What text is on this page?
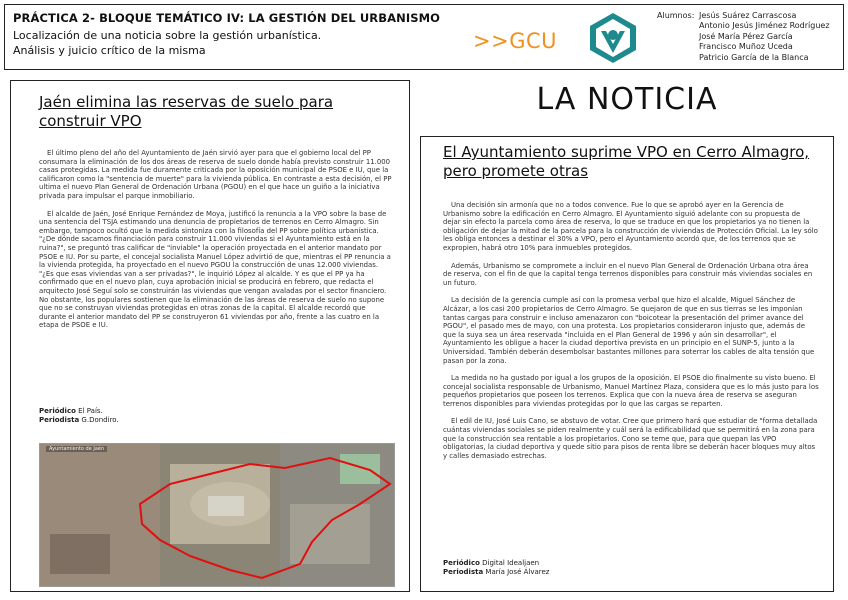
PRÁCTICA 2- BLOQUE TEMÁTICO IV: LA GESTIÓN DEL URBANISMO
Localización de una noticia sobre la gestión urbanística.
Análisis y juicio crítico de la misma	>>GCU
Alumnos: Jesús Suárez Carrascosa
Antonio Jesús Jiménez Rodríguez
José María Pérez García
Francisco Muñoz Uceda
Patricio García de la Blanca
Jaén elimina las reservas de suelo para construir VPO

El último pleno del año del Ayuntamiento de Jaén sirvió ayer para que el gobierno local del PP consumara la eliminación de los dos áreas de reserva de suelo donde había previsto construir 11.000 casas protegidas. La medida fue duramente criticada por la oposición municipal de PSOE e IU, que la calificaron como la "sentencia de muerte" para la vivienda pública. En contraste a esta decisión, el PP ultima el nuevo Plan General de Ordenación Urbana (PGOU) en el que hace un guiño a la iniciativa privada para impulsar el parque inmobiliario.

El alcalde de Jaén, José Enrique Fernández de Moya, justificó la renuncia a la VPO sobre la base de una sentencia del TSJA estimando una denuncia de propietarios de terrenos en Cerro Almagro. Sin embargo, tampoco ocultó que la medida sintoniza con la filosofía del PP sobre política urbanística. "¿De dónde sacamos financiación para construir 11.000 viviendas si el Ayuntamiento está en la ruina?", se preguntó tras calificar de "inviable" la operación proyectada en el anterior mandato por PSOE e IU. Por su parte, el concejal socialista Manuel López advirtió de que, mientras el PP renuncia a la vivienda protegida, ha proyectado en el nuevo PGOU la construcción de unas 12.000 viviendas. "¿Es que esas viviendas van a ser privadas?", le inquirió López al alcalde. Y es que el PP ya ha confirmado que en el nuevo plan, cuya aprobación inicial se producirá en febrero, que redacta el arquitecto José Seguí solo se construirán las viviendas que vengan avaladas por el sector financiero. No obstante, los populares sostienen que la eliminación de las áreas de reserva de suelo no supone que no se construyan viviendas protegidas en otras zonas de la capital. El alcalde recordó que durante el anterior mandato del PP se construyeron 61 viviendas por año, frente a las cuatro en la etapa de PSOE e IU.

Periódico El País.
Periodista G.Dondiro.
Ayuntamiento de Jaén
LA NOTICIA
El Ayuntamiento suprime VPO en Cerro Almagro, pero promete otras

Una decisión sin armonía que no a todos convence. Fue lo que se aprobó ayer en la Gerencia de Urbanismo sobre la edificación en Cerro Almagro. El Ayuntamiento siguió adelante con su propuesta de dejar sin efecto la parcela como área de reserva, lo que se traduce en que los propietarios ya no tienen la obligación de dejar la mitad de la parcela para la construcción de viviendas de Protección Oficial. La ley sólo les obliga entonces a destinar el 30% a VPO, pero el Ayuntamiento acordó que, de los terrenos que se expropien, habrá otro 10% para inmuebles protegidos.

Además, Urbanismo se compromete a incluir en el nuevo Plan General de Ordenación Urbana otra área de reserva, con el fin de que la capital tenga terrenos disponibles para construir más viviendas sociales en un futuro.

La decisión de la gerencia cumple así con la promesa verbal que hizo el alcalde, Miguel Sánchez de Alcázar, a los casi 200 propietarios de Cerro Almagro. Se quejaron de que en sus tierras se les imponían tantas cargas para construir e incluso amenazaron con "boicotear la presentación del primer avance del PGOU", el pasado mes de mayo, con una protesta. Los propietarios consideraron injusto que, además de que la suya sea un área reservada "incluida en el Plan General de 1996 y aún sin desarrollar", el Ayuntamiento les obligue a hacer la ciudad deportiva prevista en un principio en el SUNP-5, junto a la Universidad. También deberán desembolsar bastantes millones para soterrar los cables de alta tensión que pasan por la zona.

La medida no ha gustado por igual a los grupos de la oposición. El PSOE dio finalmente su visto bueno. El concejal socialista responsable de Urbanismo, Manuel Martínez Plaza, considera que es lo más justo para los pequeños propietarios que poseen los terrenos. Explica que con la nueva área de reserva se aseguran terrenos disponibles para viviendas protegidas por lo que las cargas se reparten.

El edil de IU, José Luis Cano, se abstuvo de votar. Cree que primero hará que estudiar de "forma detallada cuántas viviendas sociales se piden realmente y cuál será la edificabilidad que se permitirá en la zona para que la construcción sea rentable a los propietarios. Cono se teme que, para que quepan las VPO obligatorias, la ciudad deportiva y quede sitio para pisos de renta libre se deberán hacer bloques muy altos y calles demasiado estrechas.

Periódico Digital Idealjaen
Periodista María José Álvarez
